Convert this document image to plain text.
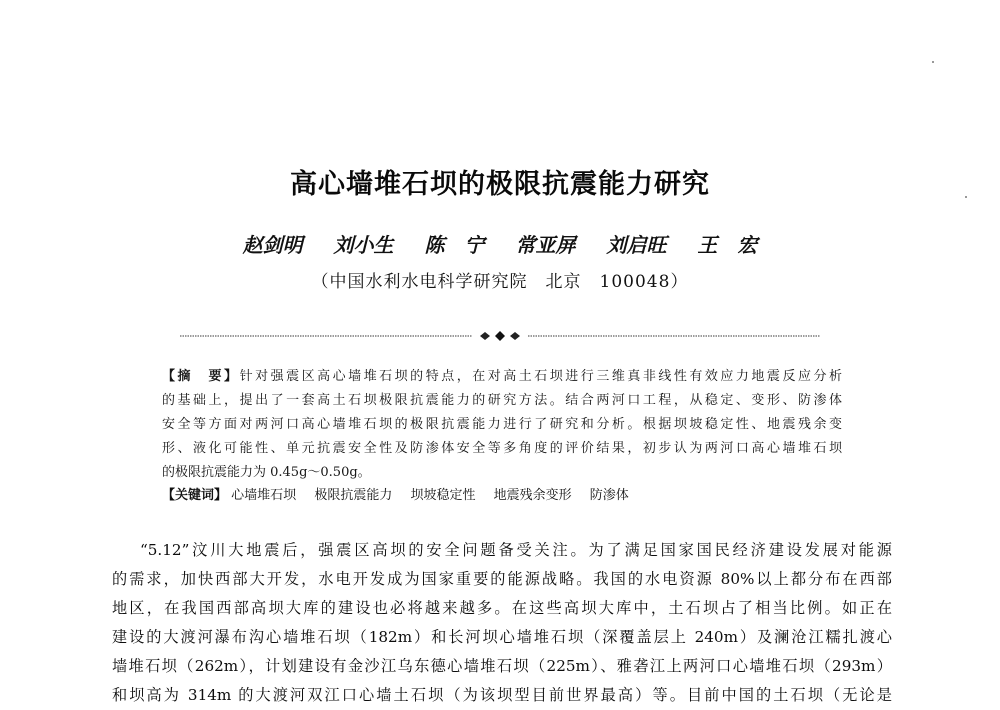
高心墙堆石坝的极限抗震能力研究
赵剑明 刘小生 陈　宁 常亚屏 刘启旺 王　宏
（中国水利水电科学研究院　北京　100048）
【摘　要】针对强震区高心墙堆石坝的特点，在对高土石坝进行三维真非线性有效应力地震反应分析
的基础上，提出了一套高土石坝极限抗震能力的研究方法。结合两河口工程，从稳定、变形、防渗体
安全等方面对两河口高心墙堆石坝的极限抗震能力进行了研究和分析。根据坝坡稳定性、地震残余变
形、液化可能性、单元抗震安全性及防渗体安全等多角度的评价结果，初步认为两河口高心墙堆石坝
的极限抗震能力为 0.45g～0.50g。
【关键词】 心墙堆石坝 极限抗震能力 坝坡稳定性 地震残余变形 防渗体
“5.12”汶川大地震后，强震区高坝的安全问题备受关注。为了满足国家国民经济建设发展对能源
的需求，加快西部大开发，水电开发成为国家重要的能源战略。我国的水电资源 80%以上都分布在西部
地区，在我国西部高坝大库的建设也必将越来越多。在这些高坝大库中，土石坝占了相当比例。如正在
建设的大渡河瀑布沟心墙堆石坝（182m）和长河坝心墙堆石坝（深覆盖层上 240m）及澜沧江糯扎渡心
墙堆石坝（262m），计划建设有金沙江乌东德心墙堆石坝（225m）、雅砻江上两河口心墙堆石坝（293m）
和坝高为 314m 的大渡河双江口心墙土石坝（为该坝型目前世界最高）等。目前中国的土石坝（无论是
